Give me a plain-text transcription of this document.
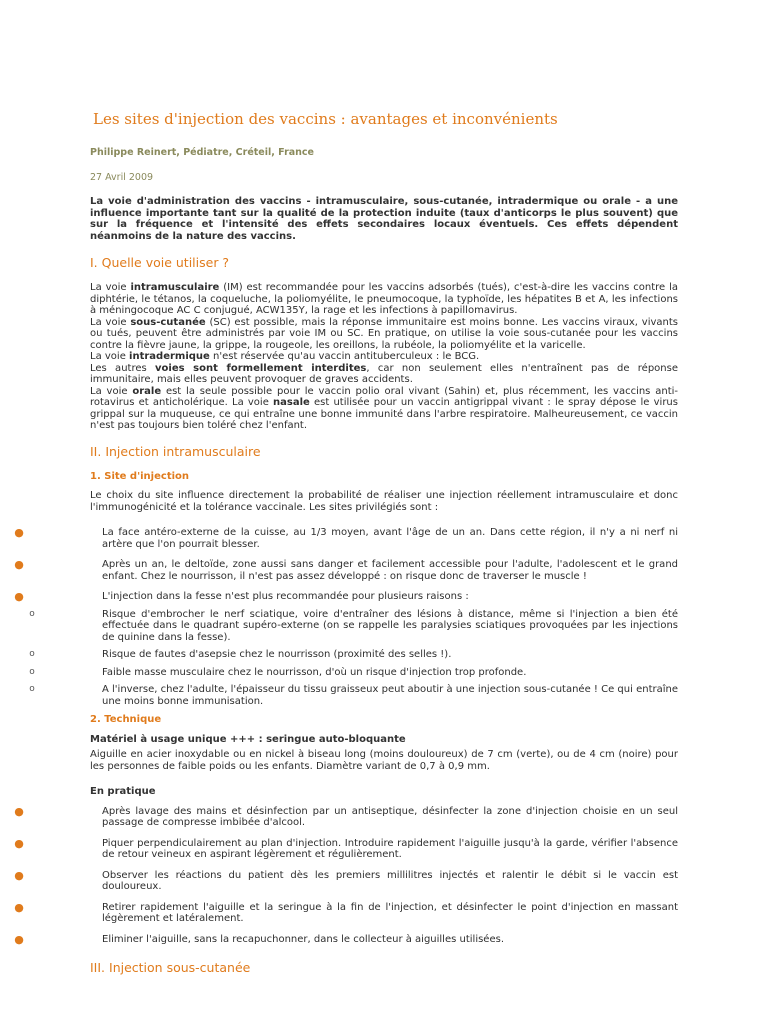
Les sites d'injection des vaccins : avantages et inconvénients
Philippe Reinert, Pédiatre, Créteil, France
27 Avril 2009

La voie d'administration des vaccins - intramusculaire, sous-cutanée, intradermique ou orale - a une influence importante tant sur la qualité de la protection induite (taux d'anticorps le plus souvent) que sur la fréquence et l'intensité des effets secondaires locaux éventuels. Ces effets dépendent néanmoins de la nature des vaccins.

I. Quelle voie utiliser ?

La voie intramusculaire (IM) est recommandée pour les vaccins adsorbés (tués), c'est-à-dire les vaccins contre la diphtérie, le tétanos, la coqueluche, la poliomyélite, le pneumocoque, la typhoïde, les hépatites B et A, les infections à méningocoque AC C conjugué, ACW135Y, la rage et les infections à papillomavirus.

La voie sous-cutanée (SC) est possible, mais la réponse immunitaire est moins bonne. Les vaccins viraux, vivants ou tués, peuvent être administrés par voie IM ou SC. En pratique, on utilise la voie sous-cutanée pour les vaccins contre la fièvre jaune, la grippe, la rougeole, les oreillons, la rubéole, la poliomyélite et la varicelle.

La voie intradermique n'est réservée qu'au vaccin antituberculeux : le BCG.

Les autres voies sont formellement interdites, car non seulement elles n'entraînent pas de réponse immunitaire, mais elles peuvent provoquer de graves accidents.

La voie orale est la seule possible pour le vaccin polio oral vivant (Sahin) et, plus récemment, les vaccins anti-rotavirus et anticholérique. La voie nasale est utilisée pour un vaccin antigrippal vivant : le spray dépose le virus grippal sur la muqueuse, ce qui entraîne une bonne immunité dans l'arbre respiratoire. Malheureusement, ce vaccin n'est pas toujours bien toléré chez l'enfant.

II. Injection intramusculaire
1. Site d'injection

Le choix du site influence directement la probabilité de réaliser une injection réellement intramusculaire et donc l'immunogénicité et la tolérance vaccinale. Les sites privilégiés sont :

●	La face antéro-externe de la cuisse, au 1/3 moyen, avant l'âge de un an. Dans cette région, il n'y a ni nerf ni artère que l'on pourrait blesser.
●	Après un an, le deltoïde, zone aussi sans danger et facilement accessible pour l'adulte, l'adolescent et le grand enfant. Chez le nourrisson, il n'est pas assez développé : on risque donc de traverser le muscle !
●	L'injection dans la fesse n'est plus recommandée pour plusieurs raisons :
o	Risque d'embrocher le nerf sciatique, voire d'entraîner des lésions à distance, même si l'injection a bien été effectuée dans le quadrant supéro-externe (on se rappelle les paralysies sciatiques provoquées par les injections de quinine dans la fesse).
o	Risque de fautes d'asepsie chez le nourrisson (proximité des selles !).
o	Faible masse musculaire chez le nourrisson, d'où un risque d'injection trop profonde.
o	A l'inverse, chez l'adulte, l'épaisseur du tissu graisseux peut aboutir à une injection sous-cutanée ! Ce qui entraîne une moins bonne immunisation.
2. Technique
Matériel à usage unique +++ : seringue auto-bloquante

Aiguille en acier inoxydable ou en nickel à biseau long (moins douloureux) de 7 cm (verte), ou de 4 cm (noire) pour les personnes de faible poids ou les enfants. Diamètre variant de 0,7 à 0,9 mm.

En pratique
●	Après lavage des mains et désinfection par un antiseptique, désinfecter la zone d'injection choisie en un seul passage de compresse imbibée d'alcool.
●	Piquer perpendiculairement au plan d'injection. Introduire rapidement l'aiguille jusqu'à la garde, vérifier l'absence de retour veineux en aspirant légèrement et régulièrement.
●	Observer les réactions du patient dès les premiers millilitres injectés et ralentir le débit si le vaccin est douloureux.
●	Retirer rapidement l'aiguille et la seringue à la fin de l'injection, et désinfecter le point d'injection en massant légèrement et latéralement.
●	Eliminer l'aiguille, sans la recapuchonner, dans le collecteur à aiguilles utilisées.
III. Injection sous-cutanée
